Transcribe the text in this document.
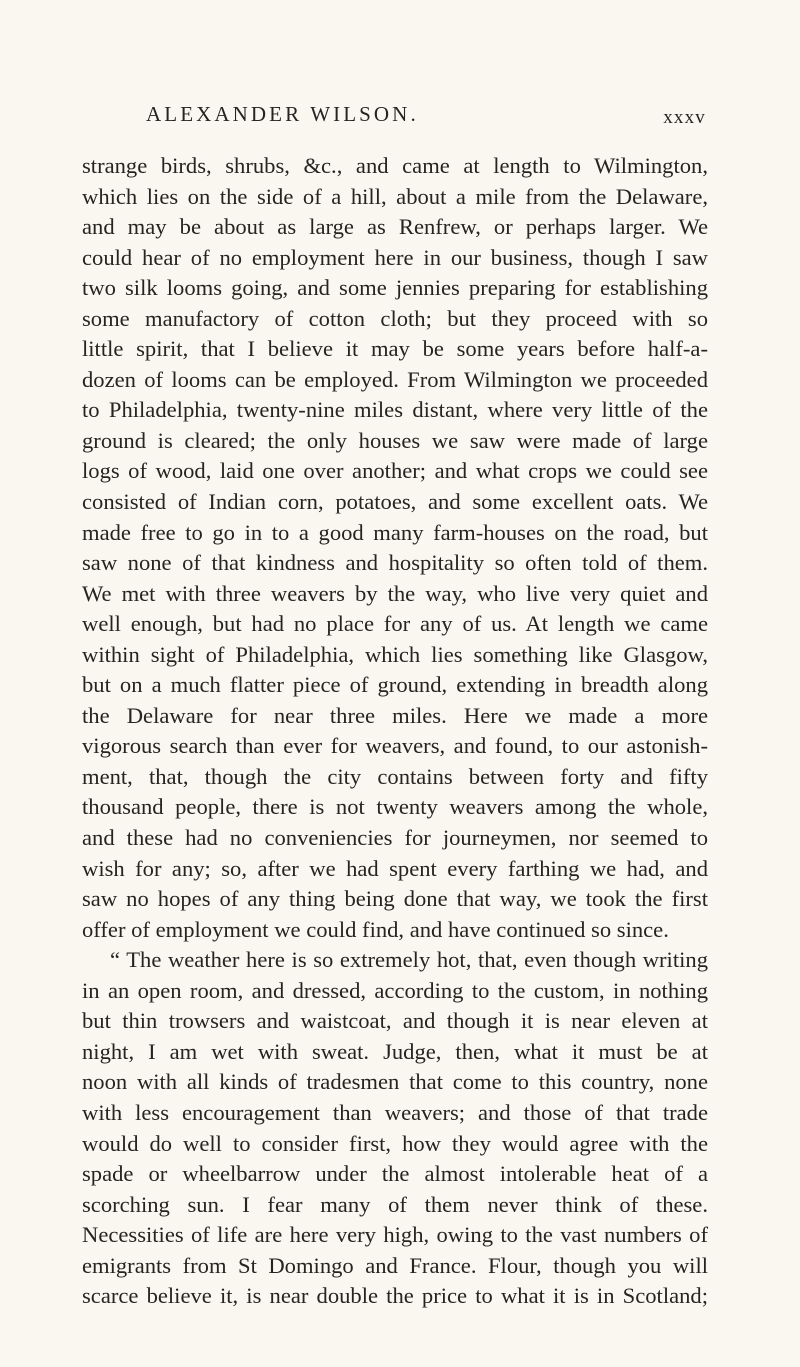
ALEXANDER WILSON.	xxxv
strange birds, shrubs, &c., and came at length to Wilmington,
which lies on the side of a hill, about a mile from the Delaware,
and may be about as large as Renfrew, or perhaps larger. We
could hear of no employment here in our business, though I saw
two silk looms going, and some jennies preparing for establishing
some manufactory of cotton cloth; but they proceed with so
little spirit, that I believe it may be some years before half-a-
dozen of looms can be employed. From Wilmington we proceeded
to Philadelphia, twenty-nine miles distant, where very little of the
ground is cleared; the only houses we saw were made of large
logs of wood, laid one over another; and what crops we could see
consisted of Indian corn, potatoes, and some excellent oats. We
made free to go in to a good many farm-houses on the road, but
saw none of that kindness and hospitality so often told of them.
We met with three weavers by the way, who live very quiet and
well enough, but had no place for any of us. At length we came
within sight of Philadelphia, which lies something like Glasgow,
but on a much flatter piece of ground, extending in breadth along
the Delaware for near three miles. Here we made a more
vigorous search than ever for weavers, and found, to our astonish-
ment, that, though the city contains between forty and fifty
thousand people, there is not twenty weavers among the whole,
and these had no conveniencies for journeymen, nor seemed to
wish for any; so, after we had spent every farthing we had, and
saw no hopes of any thing being done that way, we took the first
offer of employment we could find, and have continued so since.
“ The weather here is so extremely hot, that, even though writing
in an open room, and dressed, according to the custom, in nothing
but thin trowsers and waistcoat, and though it is near eleven at
night, I am wet with sweat. Judge, then, what it must be at
noon with all kinds of tradesmen that come to this country, none
with less encouragement than weavers; and those of that trade
would do well to consider first, how they would agree with the
spade or wheelbarrow under the almost intolerable heat of a
scorching sun. I fear many of them never think of these.
Necessities of life are here very high, owing to the vast numbers of
emigrants from St Domingo and France. Flour, though you will
scarce believe it, is near double the price to what it is in Scotland;
